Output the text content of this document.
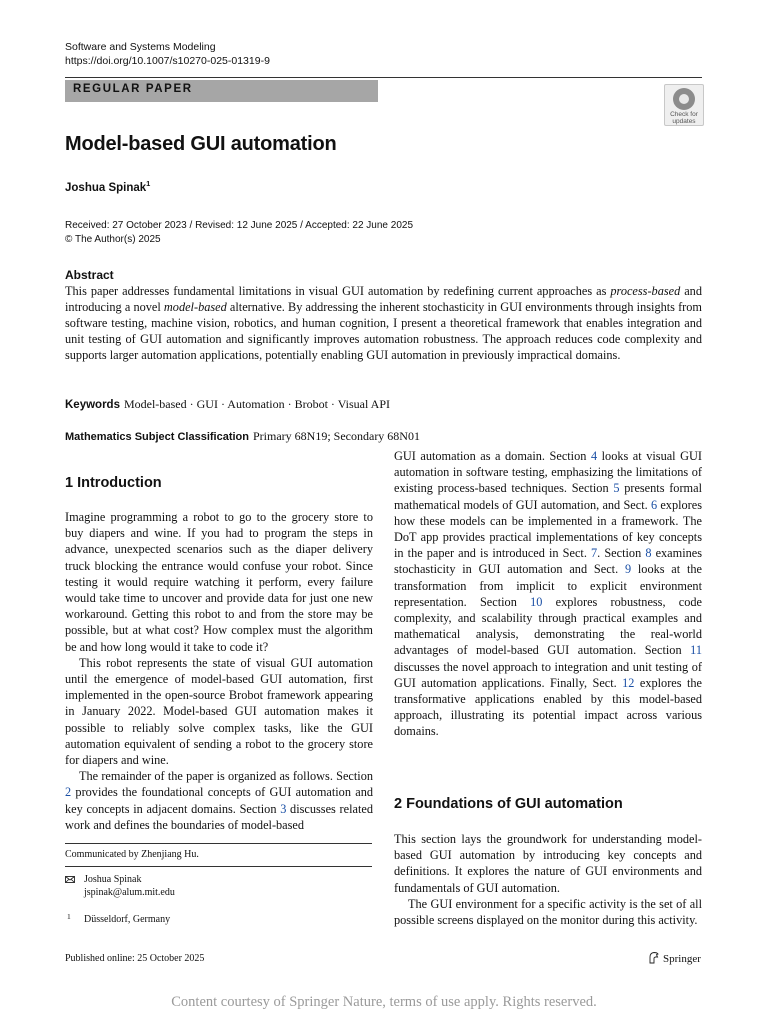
Software and Systems Modeling
https://doi.org/10.1007/s10270-025-01319-9
REGULAR PAPER
Check for updates
Model-based GUI automation
Joshua Spinak$^1$
Received: 27 October 2023 / Revised: 12 June 2025 / Accepted: 22 June 2025
© The Author(s) 2025
Abstract

This paper addresses fundamental limitations in visual GUI automation by redefining current approaches as process-based and introducing a novel model-based alternative. By addressing the inherent stochasticity in GUI environments through insights from software testing, machine vision, robotics, and human cognition, I present a theoretical framework that enables integration and unit testing of GUI automation and significantly improves automation robustness. The approach reduces code complexity and supports larger automation applications, potentially enabling GUI automation in previously impractical domains.

Keywords Model-based · GUI · Automation · Brobot · Visual API
Mathematics Subject Classification Primary 68N19; Secondary 68N01
1 Introduction

Imagine programming a robot to go to the grocery store to buy diapers and wine. If you had to program the steps in advance, unexpected scenarios such as the diaper delivery truck blocking the entrance would confuse your robot. Since testing it would require watching it perform, every failure would take time to uncover and provide data for just one new workaround. Getting this robot to and from the store may be possible, but at what cost? How complex must the algorithm be and how long would it take to code it?

This robot represents the state of visual GUI automation until the emergence of model-based GUI automation, first implemented in the open-source Brobot framework appearing in January 2022. Model-based GUI automation makes it possible to reliably solve complex tasks, like the GUI automation equivalent of sending a robot to the grocery store for diapers and wine.

The remainder of the paper is organized as follows. Section 2 provides the foundational concepts of GUI automation and key concepts in adjacent domains. Section 3 discusses related work and defines the boundaries of model-based

GUI automation as a domain. Section 4 looks at visual GUI automation in software testing, emphasizing the limitations of existing process-based techniques. Section 5 presents formal mathematical models of GUI automation, and Sect. 6 explores how these models can be implemented in a framework. The DoT app provides practical implementations of key concepts in the paper and is introduced in Sect. 7. Section 8 examines stochasticity in GUI automation and Sect. 9 looks at the transformation from implicit to explicit environment representation. Section 10 explores robustness, code complexity, and scalability through practical examples and mathematical analysis, demonstrating the real-world advantages of model-based GUI automation. Section 11 discusses the novel approach to integration and unit testing of GUI automation applications. Finally, Sect. 12 explores the transformative applications enabled by this model-based approach, illustrating its potential impact across various domains.

2 Foundations of GUI automation

This section lays the groundwork for understanding model-based GUI automation by introducing key concepts and definitions. It explores the nature of GUI environments and fundamentals of GUI automation.

The GUI environment for a specific activity is the set of all possible screens displayed on the monitor during this activity.

Communicated by Zhenjiang Hu.
Joshua Spinak
jspinak@alum.mit.edu
1 Düsseldorf, Germany
Published online: 25 October 2025	Springer
Content courtesy of Springer Nature, terms of use apply. Rights reserved.
